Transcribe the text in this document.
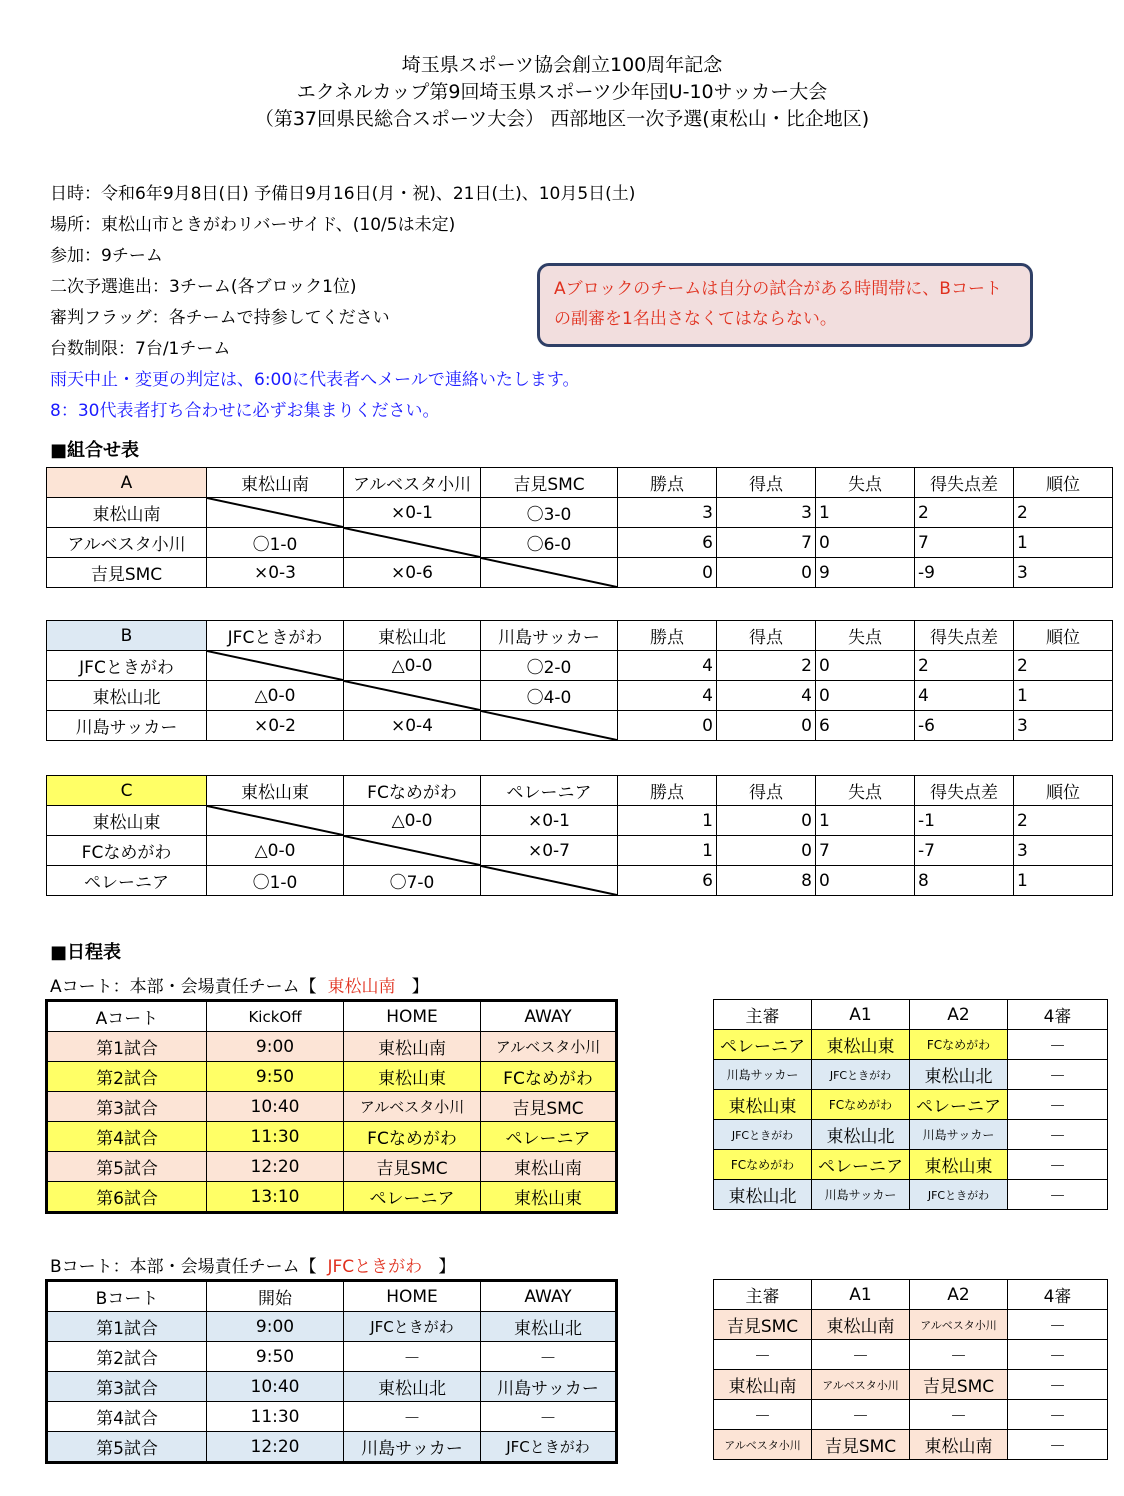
埼玉県スポーツ協会創立100周年記念
エクネルカップ第9回埼玉県スポーツ少年団U-10サッカー大会
（第37回県民総合スポーツ大会） 西部地区一次予選(東松山・比企地区)
日時：令和6年9月8日(日) 予備日9月16日(月・祝)、21日(土)、10月5日(土)
場所：東松山市ときがわリバーサイド、(10/5は未定)
参加：9チーム
二次予選進出：3チーム(各ブロック1位)
審判フラッグ：各チームで持参してください
台数制限：7台/1チーム
雨天中止・変更の判定は、6:00に代表者へメールで連絡いたします。
8：30代表者打ち合わせに必ずお集まりください。
Aブロックのチームは自分の試合がある時間帯に、Bコートの副審を1名出さなくてはならない。
■組合せ表
A	東松山南	アルベスタ小川	吉見SMC	勝点	得点	失点	得失点差	順位
東松山南		×0-1	〇3-0	3	3	1	2	2
アルベスタ小川	〇1-0		〇6-0	6	7	0	7	1
吉見SMC	×0-3	×0-6		0	0	9	-9	3
B	JFCときがわ	東松山北	川島サッカー	勝点	得点	失点	得失点差	順位
JFCときがわ		△0-0	〇2-0	4	2	0	2	2
東松山北	△0-0		〇4-0	4	4	0	4	1
川島サッカー	×0-2	×0-4		0	0	6	-6	3
C	東松山東	FCなめがわ	ペレーニア	勝点	得点	失点	得失点差	順位
東松山東		△0-0	×0-1	1	0	1	-1	2
FCなめがわ	△0-0		×0-7	1	0	7	-7	3
ペレーニア	〇1-0	〇7-0		6	8	0	8	1
■日程表
Aコート：本部・会場責任チーム【 東松山南 】
Aコート	KickOff	HOME	AWAY
第1試合	9:00	東松山南	アルベスタ小川
第2試合	9:50	東松山東	FCなめがわ
第3試合	10:40	アルベスタ小川	吉見SMC
第4試合	11:30	FCなめがわ	ペレーニア
第5試合	12:20	吉見SMC	東松山南
第6試合	13:10	ペレーニア	東松山東
主審	A1	A2	4審
ペレーニア	東松山東	FCなめがわ	－
川島サッカー	JFCときがわ	東松山北	－
東松山東	FCなめがわ	ペレーニア	－
JFCときがわ	東松山北	川島サッカー	－
FCなめがわ	ペレーニア	東松山東	－
東松山北	川島サッカー	JFCときがわ	－
Bコート：本部・会場責任チーム【 JFCときがわ 】
Bコート	開始	HOME	AWAY
第1試合	9:00	JFCときがわ	東松山北
第2試合	9:50	－	－
第3試合	10:40	東松山北	川島サッカー
第4試合	11:30	－	－
第5試合	12:20	川島サッカー	JFCときがわ
主審	A1	A2	4審
吉見SMC	東松山南	アルベスタ小川	－
－	－	－	－
東松山南	アルベスタ小川	吉見SMC	－
－	－	－	－
アルベスタ小川	吉見SMC	東松山南	－
